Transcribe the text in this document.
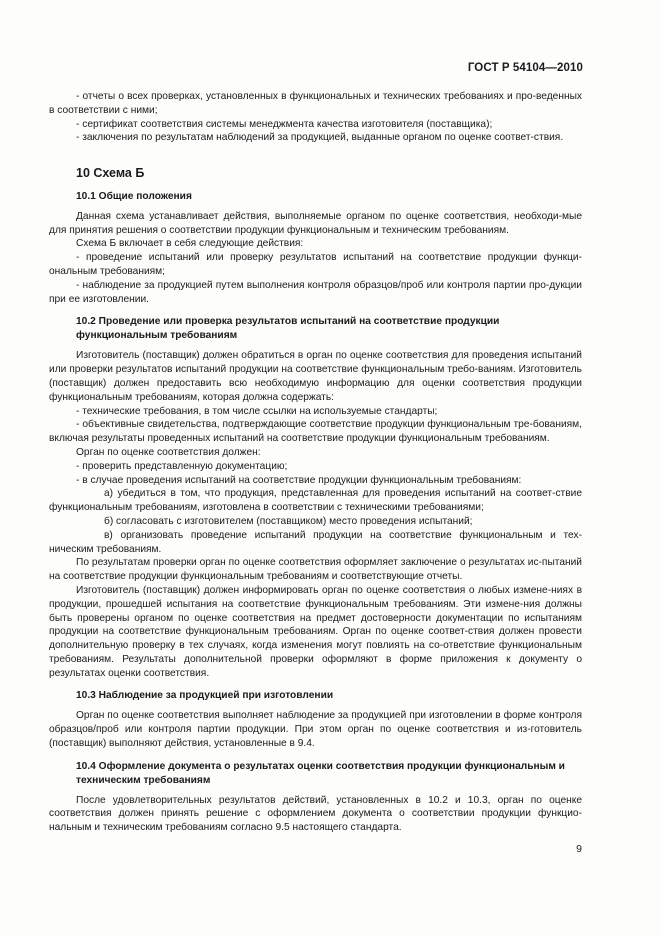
ГОСТ Р 54104—2010

- отчеты о всех проверках, установленных в функциональных и технических требованиях и про-веденных в соответствии с ними;

- сертификат соответствия системы менеджмента качества изготовителя (поставщика);

- заключения по результатам наблюдений за продукцией, выданные органом по оценке соответ-ствия.

10 Схема Б
10.1 Общие положения

Данная схема устанавливает действия, выполняемые органом по оценке соответствия, необходи-мые для принятия решения о соответствии продукции функциональным и техническим требованиям.

Схема Б включает в себя следующие действия:

- проведение испытаний или проверку результатов испытаний на соответствие продукции функци-ональным требованиям;

- наблюдение за продукцией путем выполнения контроля образцов/проб или контроля партии про-дукции при ее изготовлении.

10.2 Проведение или проверка результатов испытаний на соответствие продукции функциональным требованиям

Изготовитель (поставщик) должен обратиться в орган по оценке соответствия для проведения испытаний или проверки результатов испытаний продукции на соответствие функциональным требо-ваниям. Изготовитель (поставщик) должен предоставить всю необходимую информацию для оценки соответствия продукции функциональным требованиям, которая должна содержать:

- технические требования, в том числе ссылки на используемые стандарты;

- объективные свидетельства, подтверждающие соответствие продукции функциональным тре-бованиям, включая результаты проведенных испытаний на соответствие продукции функциональным требованиям.

Орган по оценке соответствия должен:

- проверить представленную документацию;

- в случае проведения испытаний на соответствие продукции функциональным требованиям:

а) убедиться в том, что продукция, представленная для проведения испытаний на соответ-ствие функциональным требованиям, изготовлена в соответствии с техническими требованиями;

б) согласовать с изготовителем (поставщиком) место проведения испытаний;

в) организовать проведение испытаний продукции на соответствие функциональным и тех-ническим требованиям.

По результатам проверки орган по оценке соответствия оформляет заключение о результатах ис-пытаний на соответствие продукции функциональным требованиям и соответствующие отчеты.

Изготовитель (поставщик) должен информировать орган по оценке соответствия о любых измене-ниях в продукции, прошедшей испытания на соответствие функциональным требованиям. Эти измене-ния должны быть проверены органом по оценке соответствия на предмет достоверности документации по испытаниям продукции на соответствие функциональным требованиям. Орган по оценке соответ-ствия должен провести дополнительную проверку в тех случаях, когда изменения могут повлиять на со-ответствие функциональным требованиям. Результаты дополнительной проверки оформляют в форме приложения к документу о результатах оценки соответствия.

10.3 Наблюдение за продукцией при изготовлении

Орган по оценке соответствия выполняет наблюдение за продукцией при изготовлении в форме контроля образцов/проб или контроля партии продукции. При этом орган по оценке соответствия и из-готовитель (поставщик) выполняют действия, установленные в 9.4.

10.4 Оформление документа о результатах оценки соответствия продукции функциональным и техническим требованиям

После удовлетворительных результатов действий, установленных в 10.2 и 10.3, орган по оценке соответствия должен принять решение с оформлением документа о соответствии продукции функцио-нальным и техническим требованиям согласно 9.5 настоящего стандарта.

9
